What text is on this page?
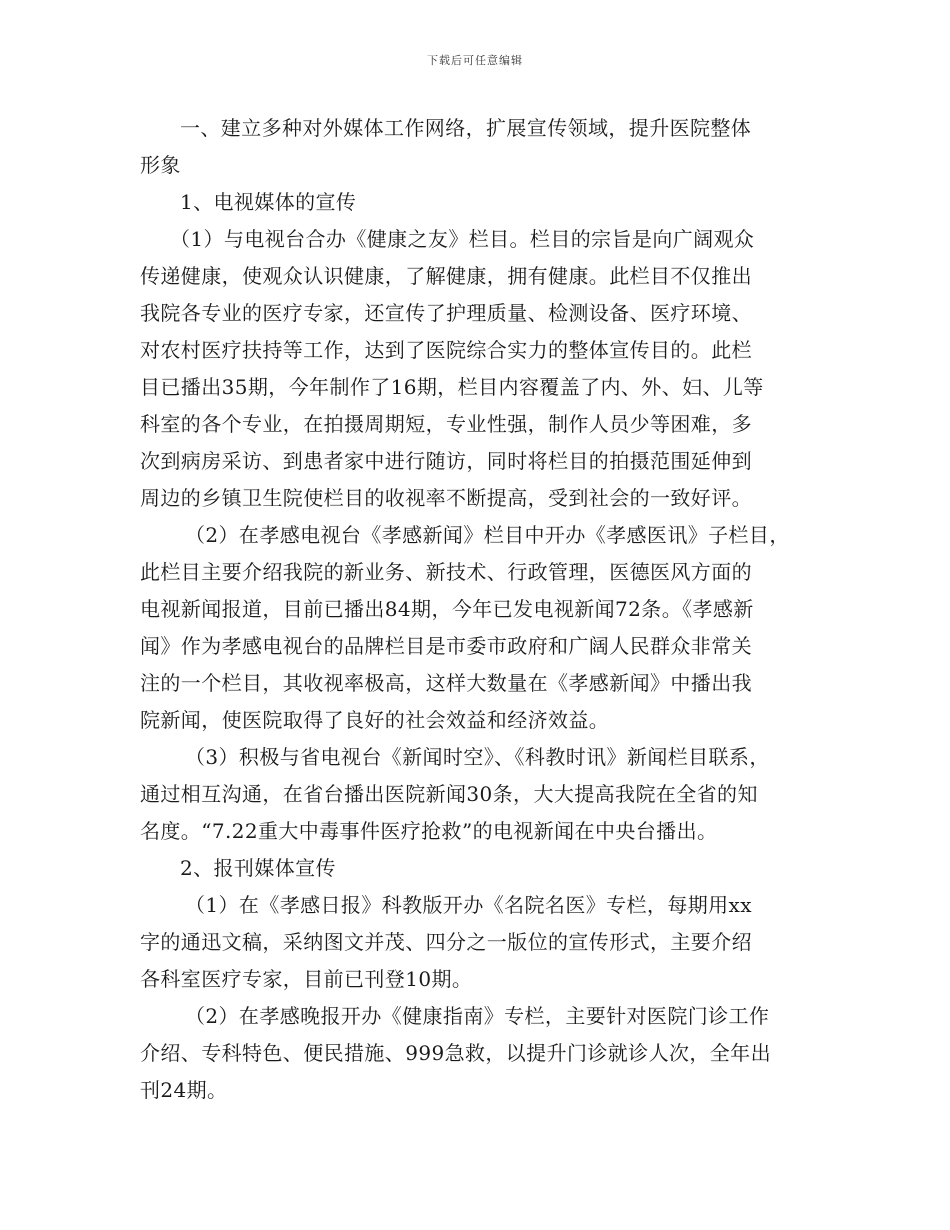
下载后可任意编辑
一、建立多种对外媒体工作网络，扩展宣传领域，提升医院整体
形象
1、电视媒体的宣传
（1）与电视台合办《健康之友》栏目。栏目的宗旨是向广阔观众
传递健康，使观众认识健康，了解健康，拥有健康。此栏目不仅推出
我院各专业的医疗专家，还宣传了护理质量、检测设备、医疗环境、
对农村医疗扶持等工作，达到了医院综合实力的整体宣传目的。此栏
目已播出35期，今年制作了16期，栏目内容覆盖了内、外、妇、儿等
科室的各个专业，在拍摄周期短，专业性强，制作人员少等困难，多
次到病房采访、到患者家中进行随访，同时将栏目的拍摄范围延伸到
周边的乡镇卫生院使栏目的收视率不断提高，受到社会的一致好评。
（2）在孝感电视台《孝感新闻》栏目中开办《孝感医讯》子栏目，
此栏目主要介绍我院的新业务、新技术、行政管理，医德医风方面的
电视新闻报道，目前已播出84期，今年已发电视新闻72条。《孝感新
闻》作为孝感电视台的品牌栏目是市委市政府和广阔人民群众非常关
注的一个栏目，其收视率极高，这样大数量在《孝感新闻》中播出我
院新闻，使医院取得了良好的社会效益和经济效益。
（3）积极与省电视台《新闻时空》、《科教时讯》新闻栏目联系，
通过相互沟通，在省台播出医院新闻30条，大大提高我院在全省的知
名度。“7.22重大中毒事件医疗抢救”的电视新闻在中央台播出。
2、报刊媒体宣传
（1）在《孝感日报》科教版开办《名院名医》专栏，每期用xx
字的通迅文稿，采纳图文并茂、四分之一版位的宣传形式，主要介绍
各科室医疗专家，目前已刊登10期。
（2）在孝感晚报开办《健康指南》专栏，主要针对医院门诊工作
介绍、专科特色、便民措施、999急救，以提升门诊就诊人次，全年出
刊24期。
